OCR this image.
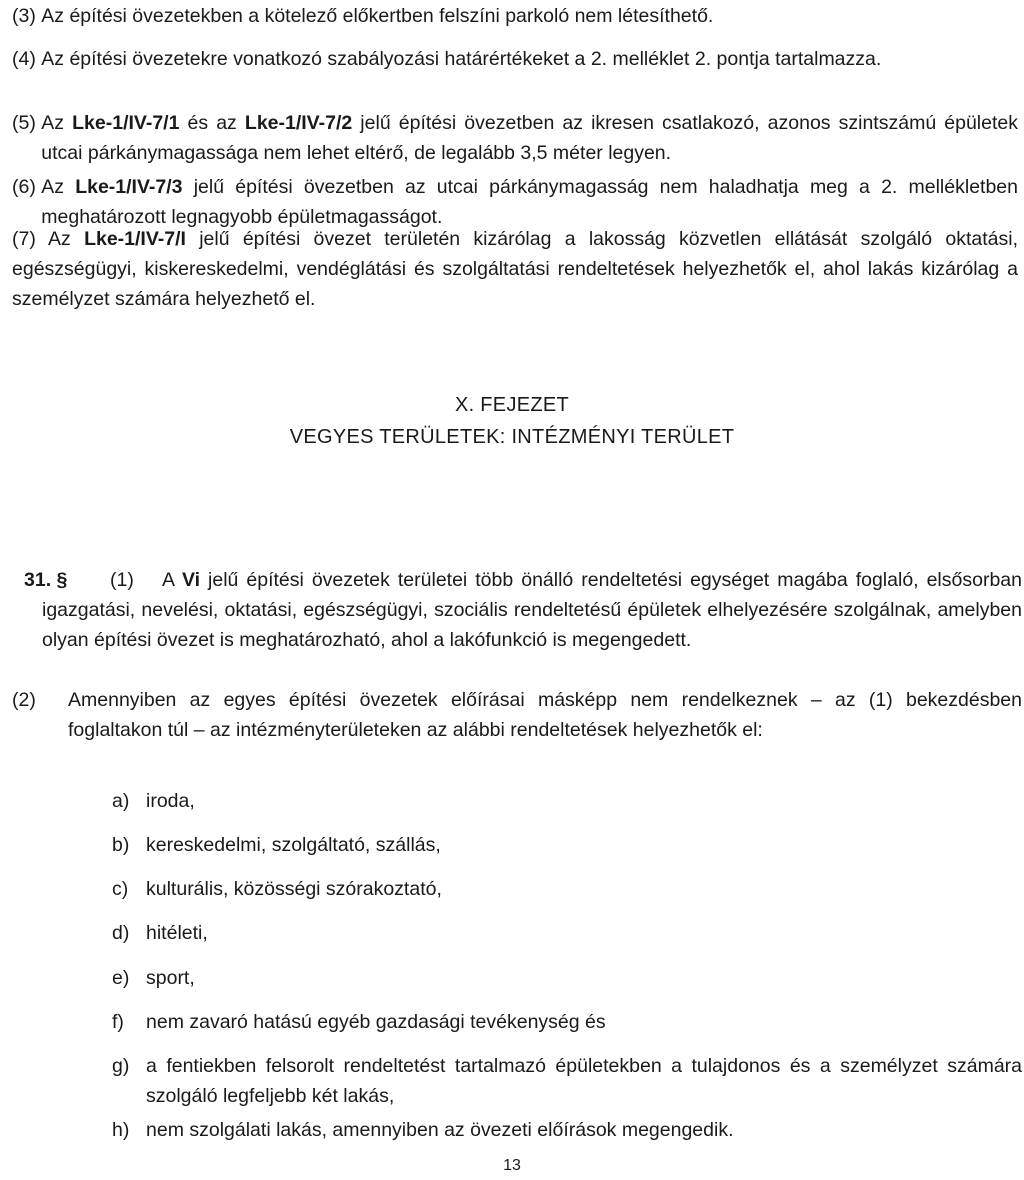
(3)
Az építési övezetekben a kötelező előkertben felszíni parkoló nem létesíthető.
(4)
Az építési övezetekre vonatkozó szabályozási határértékeket a 2. melléklet 2. pontja tartalmazza.
(5)
Az Lke-1/IV-7/1 és az Lke-1/IV-7/2 jelű építési övezetben az ikresen csatlakozó, azonos szintszámú épületek utcai párkánymagassága nem lehet eltérő, de legalább 3,5 méter legyen.
(6)
Az Lke-1/IV-7/3 jelű építési övezetben az utcai párkánymagasság nem haladhatja meg a 2. mellékletben meghatározott legnagyobb épületmagasságot.
(7) Az Lke-1/IV-7/I jelű építési övezet területén kizárólag a lakosság közvetlen ellátását szolgáló oktatási, egészségügyi, kiskereskedelmi, vendéglátási és szolgáltatási rendeltetések helyezhetők el, ahol lakás kizárólag a személyzet számára helyezhető el.
X. FEJEZET
VEGYES TERÜLETEK: INTÉZMÉNYI TERÜLET
31. §	(1)	A Vi jelű építési övezetek területei több önálló rendeltetési egységet magába foglaló, elsősorban igazgatási, nevelési, oktatási, egészségügyi, szociális rendeltetésű épületek elhelyezésére szolgálnak, amelyben olyan építési övezet is meghatározható, ahol a lakófunkció is megengedett.
(2)	Amennyiben az egyes építési övezetek előírásai másképp nem rendelkeznek – az (1) bekezdésben foglaltakon túl – az intézményterületeken az alábbi rendeltetések helyezhetők el:
a) iroda,
b) kereskedelmi, szolgáltató, szállás,
c) kulturális, közösségi szórakoztató,
d) hitéleti,
e) sport,
f)	nem zavaró hatású egyéb gazdasági tevékenység és
g) a fentiekben felsorolt rendeltetést tartalmazó épületekben a tulajdonos és a személyzet számára szolgáló legfeljebb két lakás,
h) nem szolgálati lakás, amennyiben az övezeti előírások megengedik.
13
